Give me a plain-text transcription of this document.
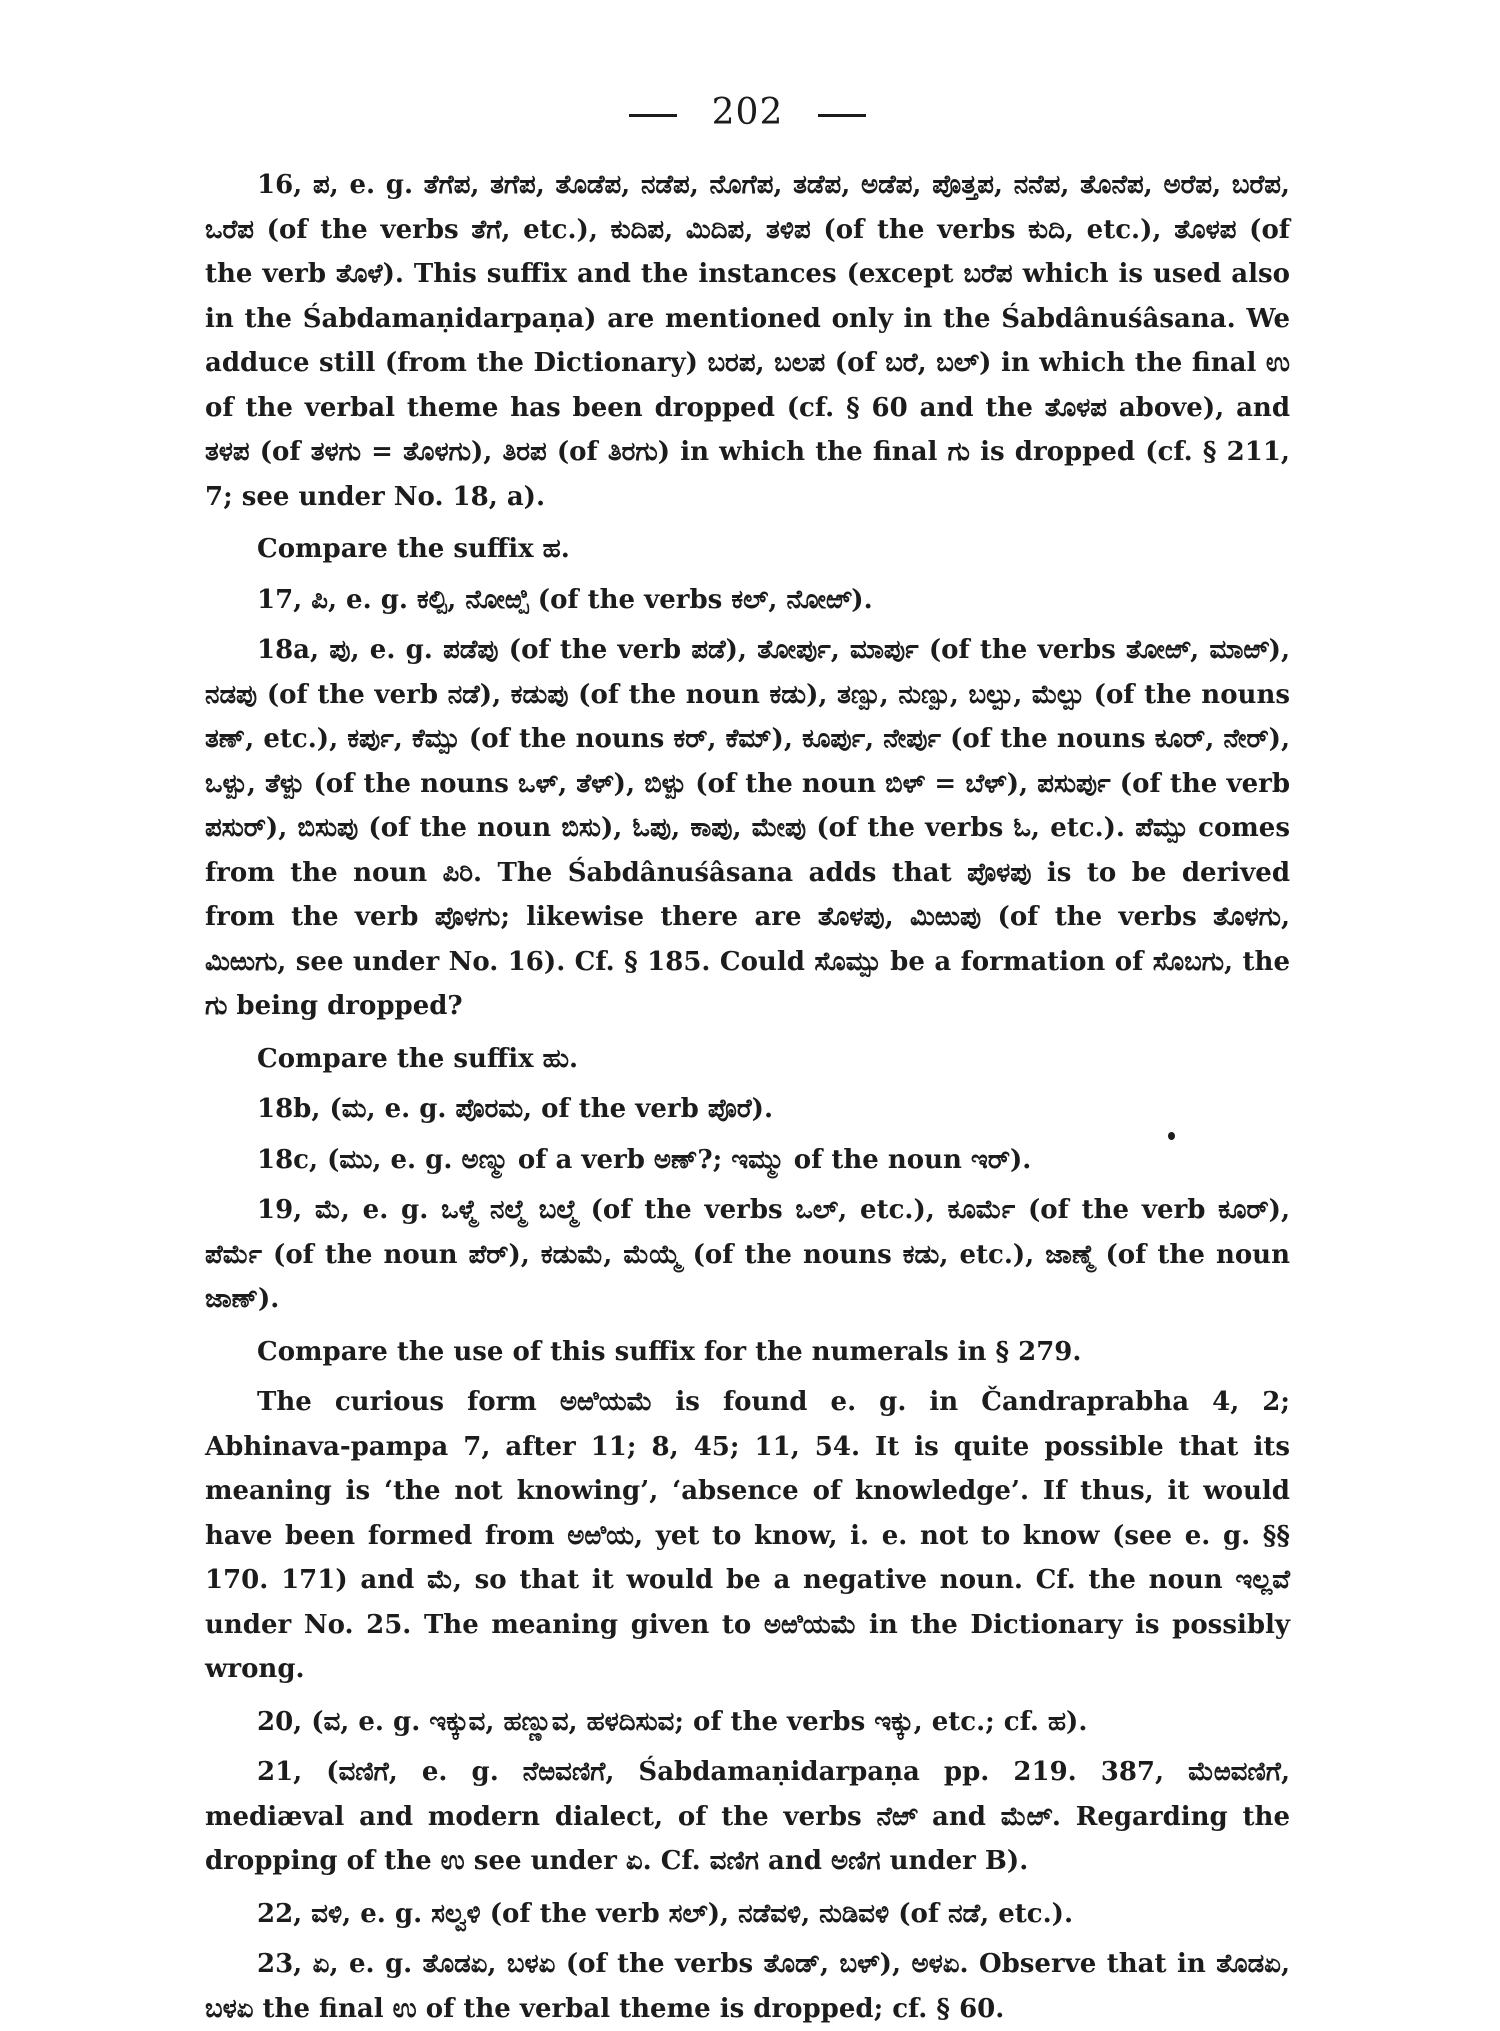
202

16, ಪ, e. g. ತೆಗೆಪ, ತಗೆಪ, ತೊಡೆಪ, ನಡೆಪ, ನೊಗೆಪ, ತಡೆಪ, ಅಡೆಪ, ಪೊತ್ತಪ, ನನೆಪ, ತೊನೆಪ, ಅರೆಪ, ಬರೆಪ, ಒರೆಪ (of the verbs ತೆಗೆ, etc.), ಕುದಿಪ, ಮಿದಿಪ, ತಳಿಪ (of the verbs ಕುದಿ, etc.), ತೊಳಪ (of the verb ತೊಳೆ). This suffix and the instances (except ಬರೆಪ which is used also in the Śabdamaṇidarpaṇa) are mentioned only in the Śabdânuśâsana. We adduce still (from the Dictionary) ಬರಪ, ಬಲಪ (of ಬರೆ, ಬಲ್) in which the final ಉ of the verbal theme has been dropped (cf. § 60 and the ತೊಳಪ above), and ತಳಪ (of ತಳಗು = ತೊಳಗು), ತಿರಪ (of ತಿರಗು) in which the final ಗು is dropped (cf. § 211, 7; see under No. 18, a).

Compare the suffix ಹ.

17, ಪಿ, e. g. ಕಲ್ಪಿ, ನೋಱ್ಪಿ (of the verbs ಕಲ್, ನೋಱ್).

18a, ಪು, e. g. ಪಡೆಪು (of the verb ಪಡೆ), ತೋರ್ಪು, ಮಾರ್ಪು (of the verbs ತೋಱ್, ಮಾಱ್), ನಡಪು (of the verb ನಡೆ), ಕಡುಪು (of the noun ಕಡು), ತಣ್ಪು, ನುಣ್ಪು, ಬಲ್ಪು, ಮೆಲ್ಪು (of the nouns ತಣ್, etc.), ಕರ್ಪು, ಕೆಮ್ಪು (of the nouns ಕರ್, ಕೆಮ್), ಕೂರ್ಪು, ನೇರ್ಪು (of the nouns ಕೂರ್, ನೇರ್), ಒಳ್ಪು, ತೆಳ್ಪು (of the nouns ಒಳ್, ತೆಳ್), ಬಿಳ್ಪು (of the noun ಬಿಳ್ = ಬೆಳ್), ಪಸುರ್ಪು (of the verb ಪಸುರ್), ಬಿಸುಪು (of the noun ಬಿಸು), ಓಪು, ಕಾಪು, ಮೇಪು (of the verbs ಓ, etc.). ಪೆಮ್ಪು comes from the noun ಪಿರಿ. The Śabdânuśâsana adds that ಪೊಳಪು is to be derived from the verb ಪೊಳಗು; likewise there are ತೊಳಪು, ಮಿಱುಪು (of the verbs ತೊಳಗು, ಮಿಱುಗು, see under No. 16). Cf. § 185. Could ಸೊಮ್ಪು be a formation of ಸೊಬಗು, the ಗು being dropped?

Compare the suffix ಹು.

18b, (ಮ, e. g. ಪೊರಮ, of the verb ಪೊರೆ).

18c, (ಮು, e. g. ಅಣ್ಮು of a verb ಅಣ್?; ಇಮ್ಮು of the noun ಇರ್).

19, ಮೆ, e. g. ಒಳ್ಮೆ ನಲ್ಮೆ ಬಲ್ಮೆ (of the verbs ಒಲ್, etc.), ಕೂರ್ಮೆ (of the verb ಕೂರ್), ಪೆರ್ಮೆ (of the noun ಪೆರ್), ಕಡುಮೆ, ಮೆಯ್ಮೆ (of the nouns ಕಡು, etc.), ಜಾಣ್ಮೆ (of the noun ಜಾಣ್).

Compare the use of this suffix for the numerals in § 279.

The curious form ಅಱಿಯಮೆ is found e. g. in Čandraprabha 4, 2; Abhinava-pampa 7, after 11; 8, 45; 11, 54. It is quite possible that its meaning is ‘the not knowing’, ‘absence of knowledge’. If thus, it would have been formed from ಅಱಿಯ, yet to know, i. e. not to know (see e. g. §§ 170. 171) and ಮೆ, so that it would be a negative noun. Cf. the noun ಇಲ್ಲವೆ under No. 25. The meaning given to ಅಱಿಯಮೆ in the Dictionary is possibly wrong.

20, (ವ, e. g. ಇಕ್ಕುವ, ಹಣ್ಣುವ, ಹಳದಿಸುವ; of the verbs ಇಕ್ಕು, etc.; cf. ಹ).

21, (ವಣಿಗೆ, e. g. ನೆಱವಣಿಗೆ, Śabdamaṇidarpaṇa pp. 219. 387, ಮೆಱವಣಿಗೆ, mediæval and modern dialect, of the verbs ನೆಱ್ and ಮೆಱ್. Regarding the dropping of the ಉ see under ಏ. Cf. ವಣಿಗ and ಅಣಿಗ under B).

22, ವಳಿ, e. g. ಸಲ್ವಳಿ (of the verb ಸಲ್), ನಡೆವಳಿ, ನುಡಿವಳಿ (of ನಡೆ, etc.).

23, ಏ, e. g. ತೊಡಏ, ಬಳಏ (of the verbs ತೊಡ್, ಬಳ್), ಅಳಏ. Observe that in ತೊಡಏ, ಬಳಏ the final ಉ of the verbal theme is dropped; cf. § 60.
